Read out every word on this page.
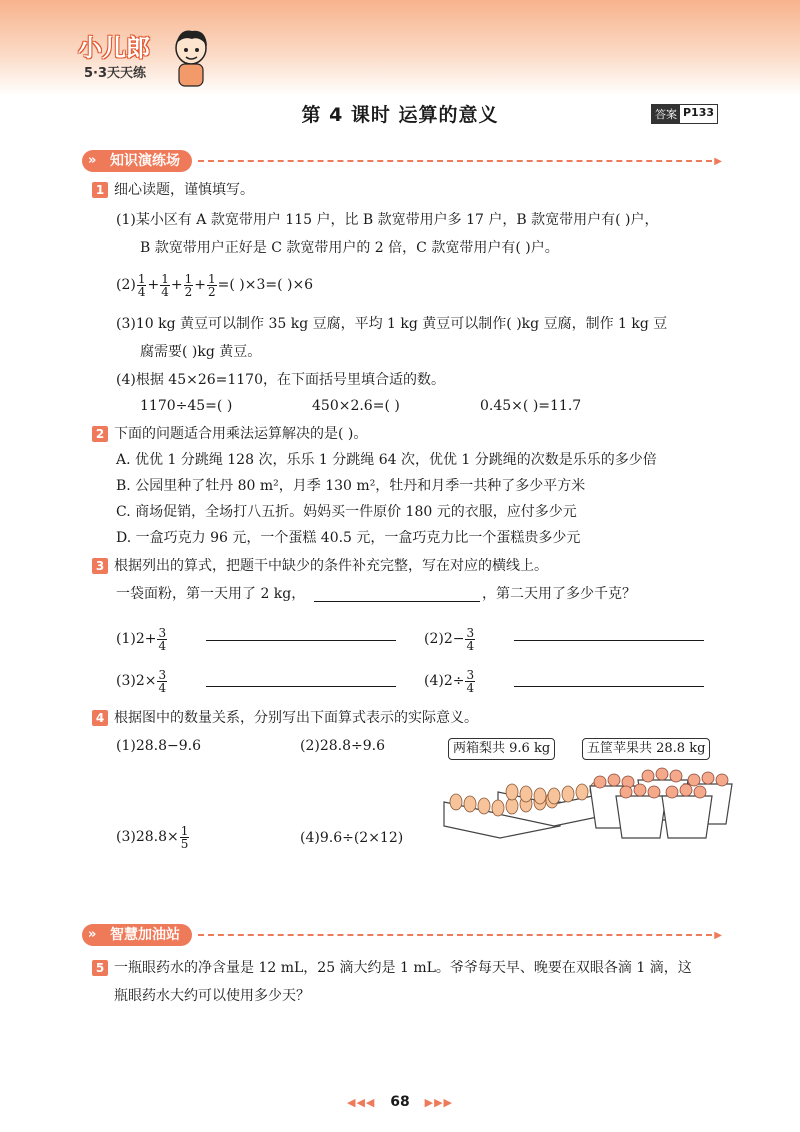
小儿郎
5·3天天练
第 4 课时 运算的意义	答案 P133
» 知识演练场	▶
1 细心读题，谨慎填写。
(1)某小区有 A 款宽带用户 115 户，比 B 款宽带用户多 17 户，B 款宽带用户有( )户，
B 款宽带用户正好是 C 款宽带用户的 2 倍，C 款宽带用户有( )户。
$(2) \frac{1}{4} + \frac{1}{4} + \frac{1}{2} + \frac{1}{2}$ =( )×3=( )×6
(3)10 kg 黄豆可以制作 35 kg 豆腐，平均 1 kg 黄豆可以制作( )kg 豆腐，制作 1 kg 豆
腐需要( )kg 黄豆。
(4)根据 45×26=1170，在下面括号里填合适的数。
1170÷45=( )	450×2.6=( )	0.45×( )=11.7
2 下面的问题适合用乘法运算解决的是( )。
A. 优优 1 分跳绳 128 次，乐乐 1 分跳绳 64 次，优优 1 分跳绳的次数是乐乐的多少倍
B. 公园里种了牡丹 80 m²，月季 130 m²，牡丹和月季一共种了多少平方米
C. 商场促销，全场打八五折。妈妈买一件原价 180 元的衣服，应付多少元
D. 一盒巧克力 96 元，一个蛋糕 40.5 元，一盒巧克力比一个蛋糕贵多少元
3 根据列出的算式，把题干中缺少的条件补充完整，写在对应的横线上。
一袋面粉，第一天用了 2 kg，	，第二天用了多少千克？
$(1)2+ \frac{3}{4}$	$(2)2- \frac{3}{4}$
$(3)2\times \frac{3}{4}$	$(4)2\div \frac{3}{4}$
4 根据图中的数量关系，分别写出下面算式表示的实际意义。
(1)28.8−9.6	(2)28.8÷9.6
$(3)28.8\times \frac{1}{5}$	(4)9.6÷(2×12)
两箱梨共 9.6 kg	五筐苹果共 28.8 kg
» 智慧加油站	▶
5 一瓶眼药水的净含量是 12 mL，25 滴大约是 1 mL。爷爷每天早、晚要在双眼各滴 1 滴，这
瓶眼药水大约可以使用多少天？
◀◀◀ 68 ▶▶▶
